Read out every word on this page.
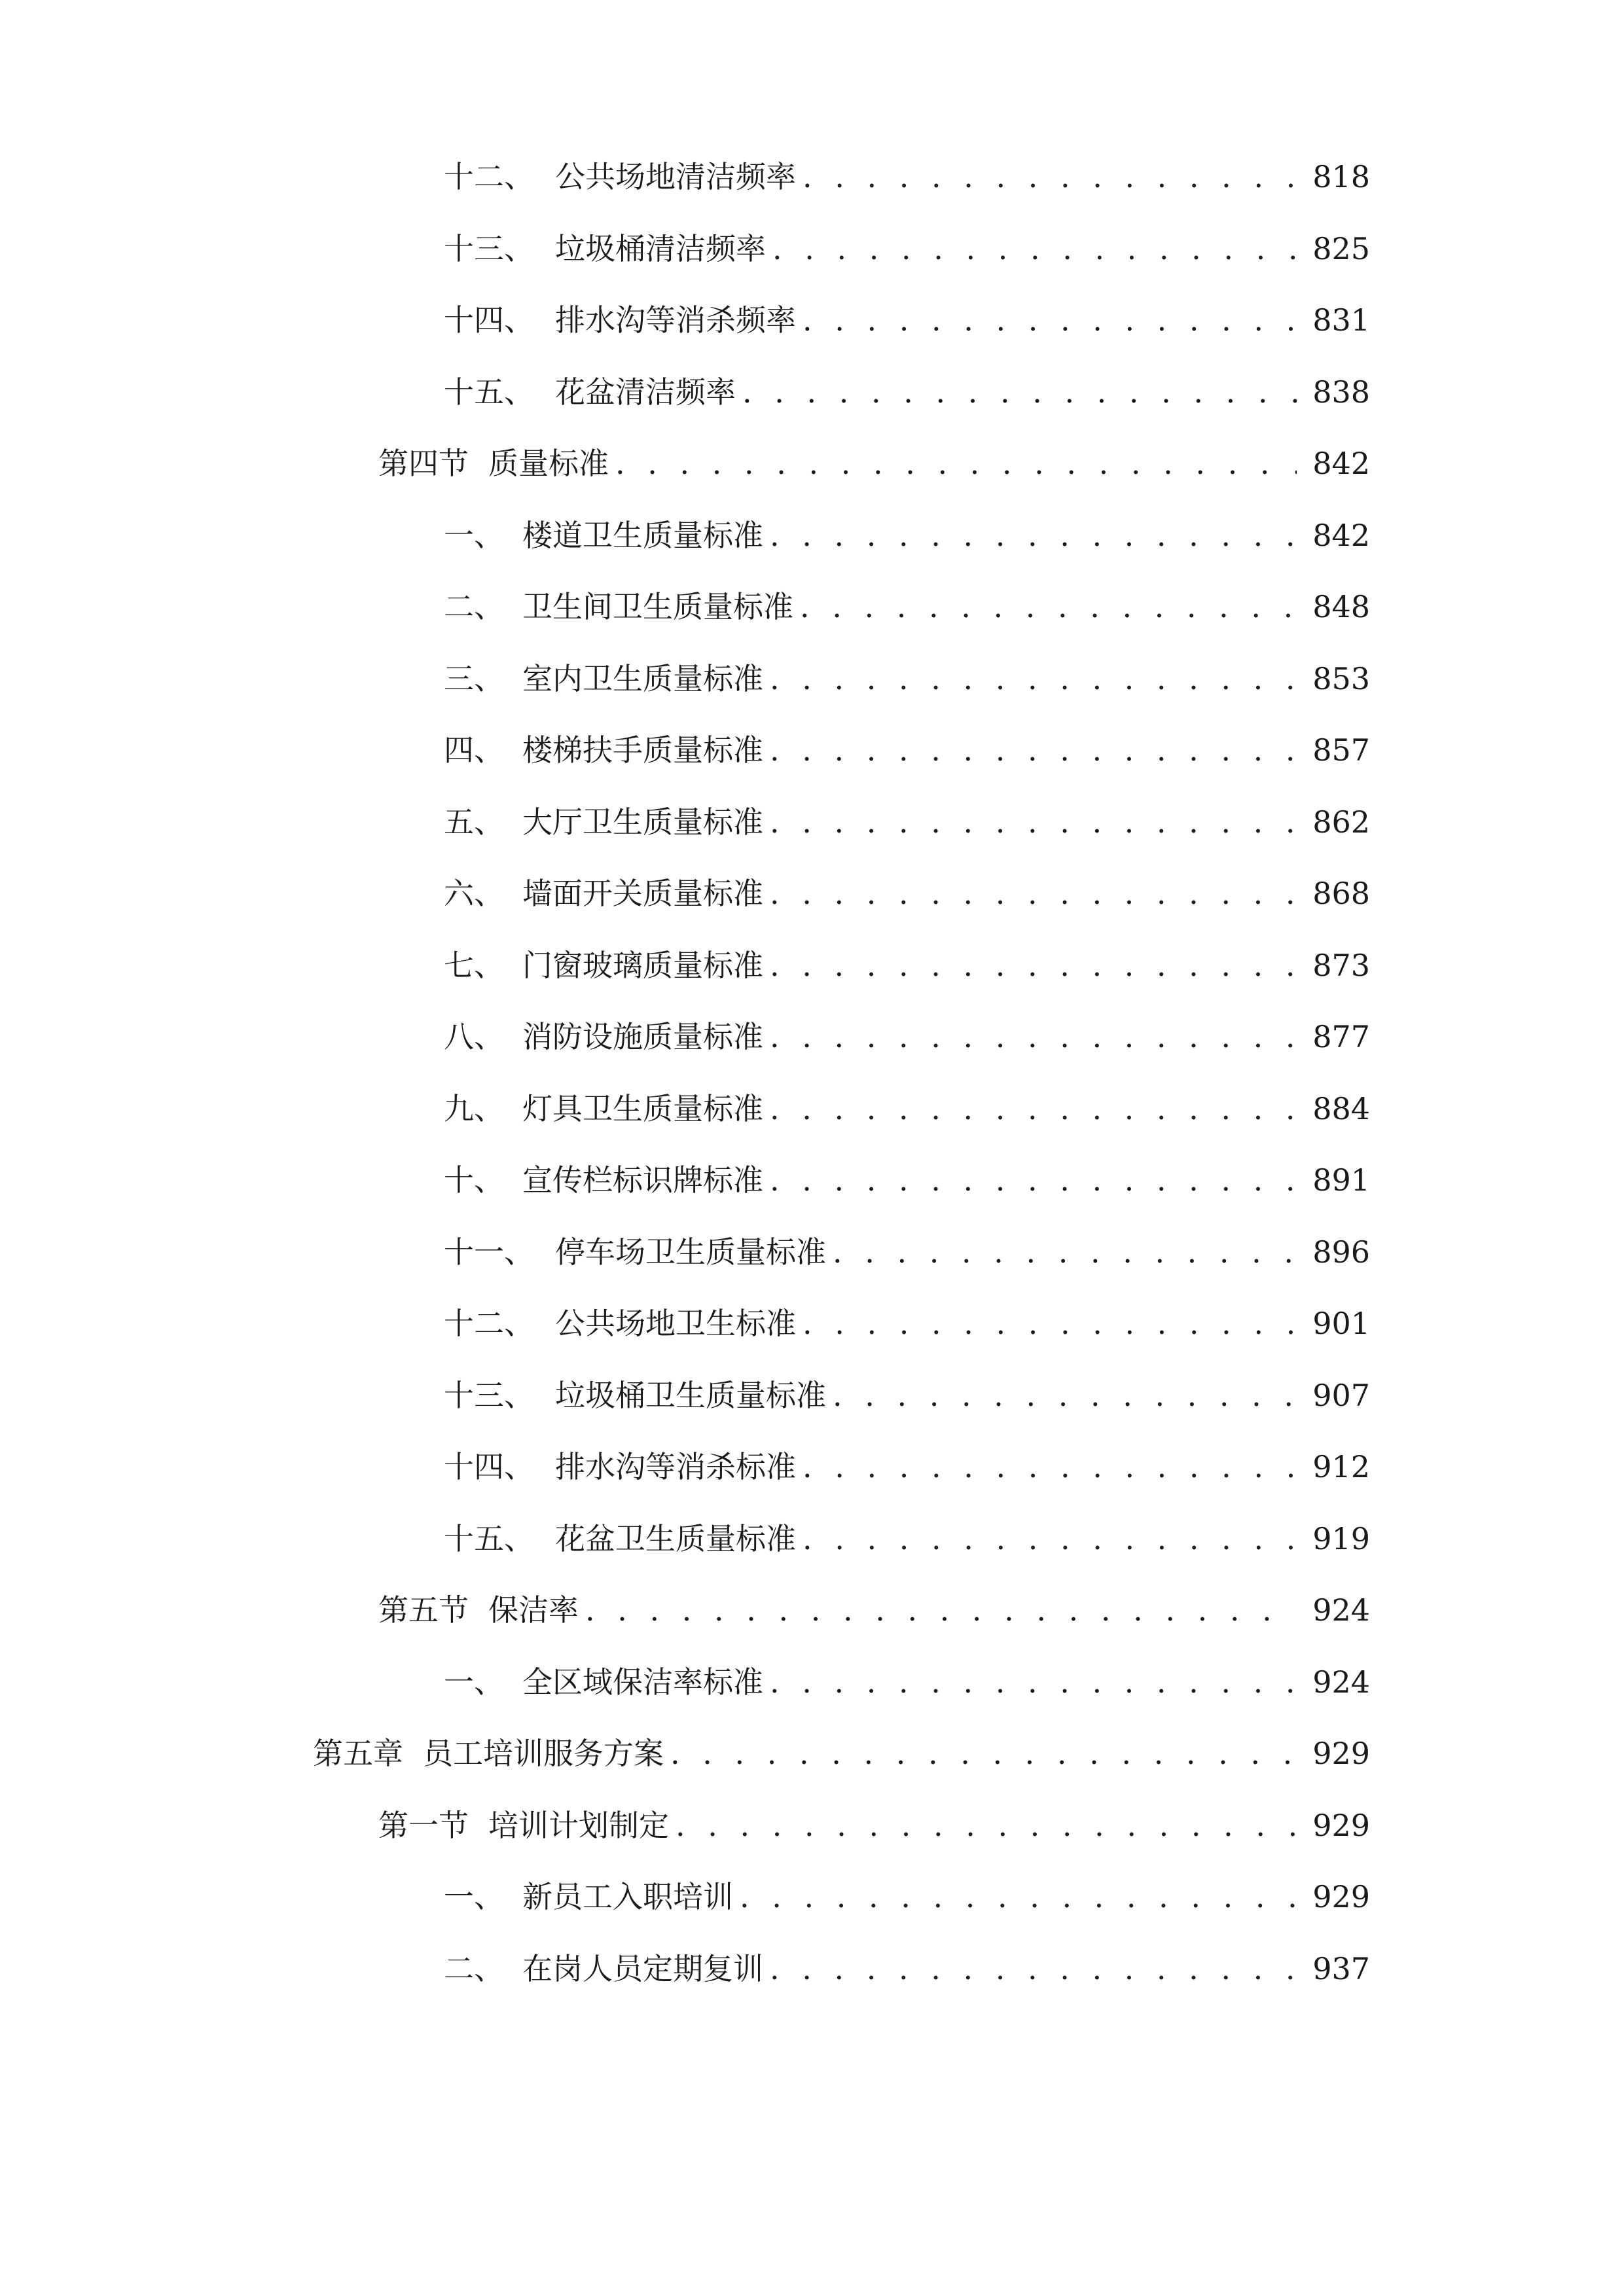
十二、 公共场地清洁频率 . . .	818
十三、 垃圾桶清洁频率 . . .	825
十四、 排水沟等消杀频率 . . .	831
十五、 花盆清洁频率 . . .	838
第四节 质量标准 . . .	842
一、 楼道卫生质量标准 . . .	842
二、 卫生间卫生质量标准 . . .	848
三、 室内卫生质量标准 . . .	853
四、 楼梯扶手质量标准 . . .	857
五、 大厅卫生质量标准 . . .	862
六、 墙面开关质量标准 . . .	868
七、 门窗玻璃质量标准 . . .	873
八、 消防设施质量标准 . . .	877
九、 灯具卫生质量标准 . . .	884
十、 宣传栏标识牌标准 . . .	891
十一、 停车场卫生质量标准 . . .	896
十二、 公共场地卫生标准 . . .	901
十三、 垃圾桶卫生质量标准 . . .	907
十四、 排水沟等消杀标准 . . .	912
十五、 花盆卫生质量标准 . . .	919
第五节 保洁率 . . .	924
一、 全区域保洁率标准 . . .	924
第五章 员工培训服务方案 . . .	929
第一节 培训计划制定 . . .	929
一、 新员工入职培训 . . .	929
二、 在岗人员定期复训 . . .	937
